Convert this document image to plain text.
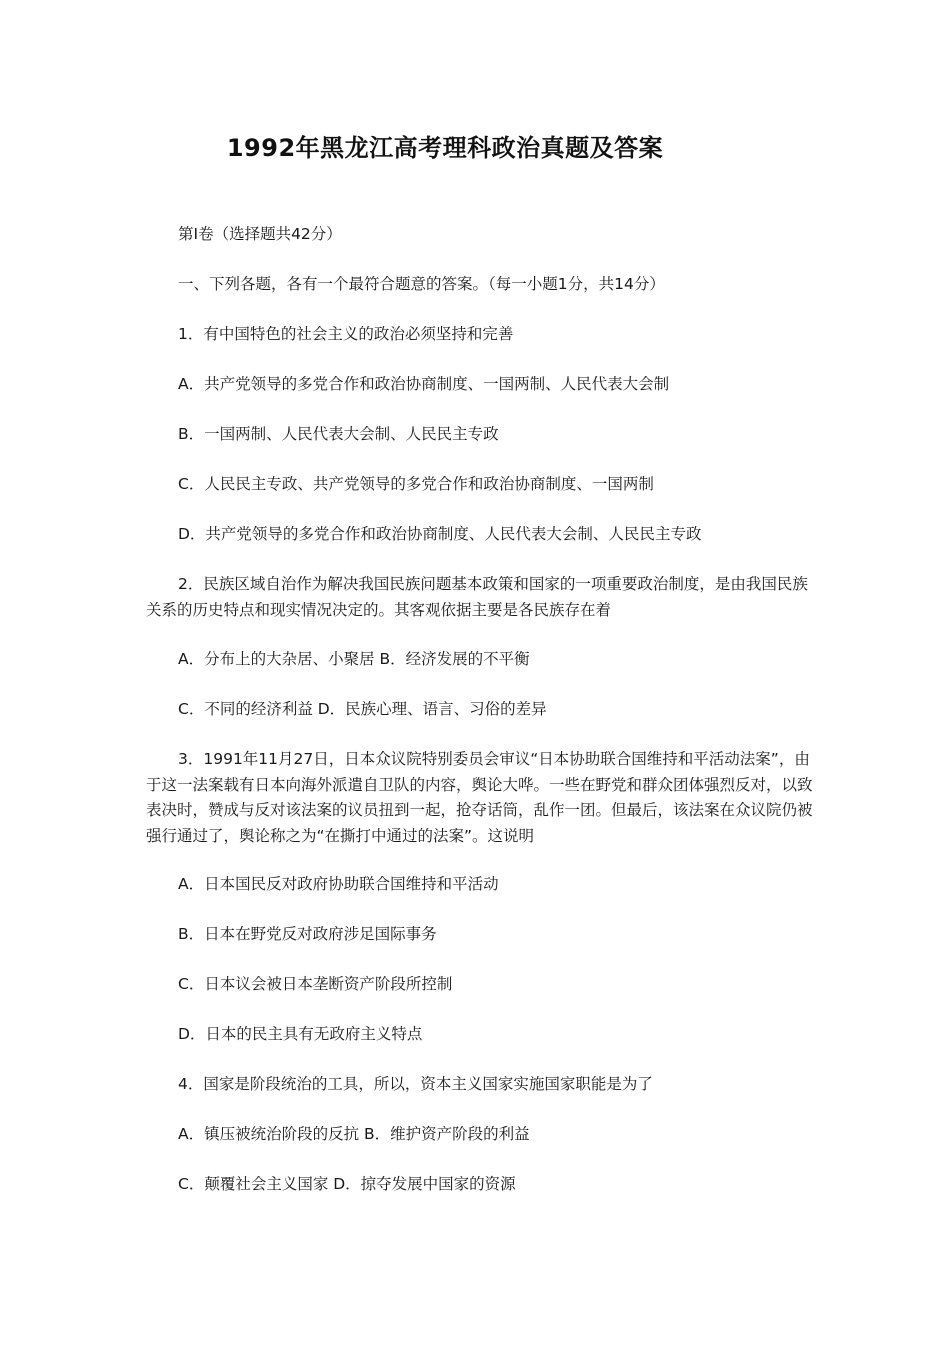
1992年黑龙江高考理科政治真题及答案

第Ⅰ卷（选择题共42分）

一、下列各题，各有一个最符合题意的答案。（每一小题1分，共14分）

1．有中国特色的社会主义的政治必须坚持和完善

A．共产党领导的多党合作和政治协商制度、一国两制、人民代表大会制

B．一国两制、人民代表大会制、人民民主专政

C．人民民主专政、共产党领导的多党合作和政治协商制度、一国两制

D．共产党领导的多党合作和政治协商制度、人民代表大会制、人民民主专政

2．民族区域自治作为解决我国民族问题基本政策和国家的一项重要政治制度，是由我国民族关系的历史特点和现实情况决定的。其客观依据主要是各民族存在着

A．分布上的大杂居、小聚居 B．经济发展的不平衡

C．不同的经济利益 D．民族心理、语言、习俗的差异

3．1991年11月27日，日本众议院特别委员会审议“日本协助联合国维持和平活动法案”，由于这一法案载有日本向海外派遣自卫队的内容，舆论大哗。一些在野党和群众团体强烈反对，以致表决时，赞成与反对该法案的议员扭到一起，抢夺话筒，乱作一团。但最后，该法案在众议院仍被强行通过了，舆论称之为“在撕打中通过的法案”。这说明

A．日本国民反对政府协助联合国维持和平活动

B．日本在野党反对政府涉足国际事务

C．日本议会被日本垄断资产阶段所控制

D．日本的民主具有无政府主义特点

4．国家是阶段统治的工具，所以，资本主义国家实施国家职能是为了

A．镇压被统治阶段的反抗 B．维护资产阶段的利益

C．颠覆社会主义国家 D．掠夺发展中国家的资源
